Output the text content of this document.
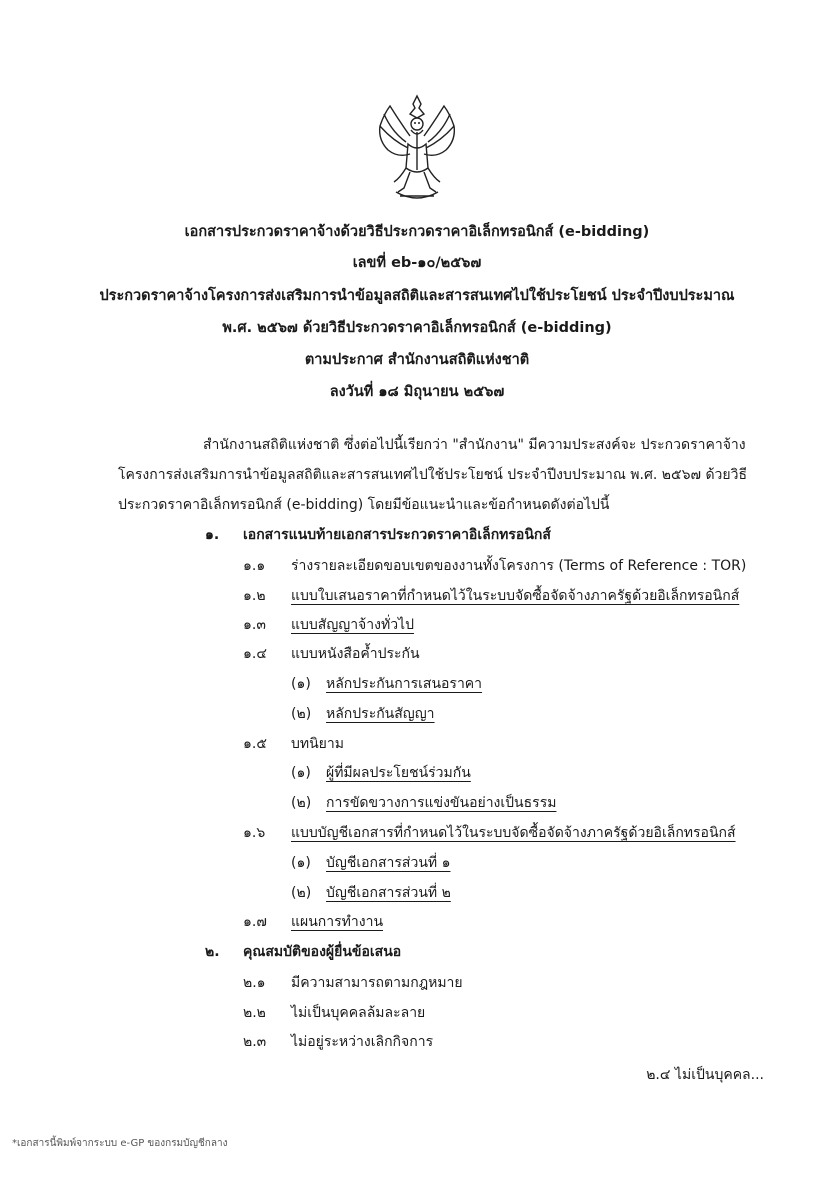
เอกสารประกวดราคาจ้างด้วยวิธีประกวดราคาอิเล็กทรอนิกส์ (e-bidding)
เลขที่ eb-๑๐/๒๕๖๗
ประกวดราคาจ้างโครงการส่งเสริมการนำข้อมูลสถิติและสารสนเทศไปใช้ประโยชน์ ประจำปีงบประมาณ
พ.ศ. ๒๕๖๗ ด้วยวิธีประกวดราคาอิเล็กทรอนิกส์ (e-bidding)
ตามประกาศ สำนักงานสถิติแห่งชาติ
ลงวันที่ ๑๘ มิถุนายน ๒๕๖๗
สำนักงานสถิติแห่งชาติ ซึ่งต่อไปนี้เรียกว่า "สำนักงาน" มีความประสงค์จะ ประกวดราคาจ้าง
โครงการส่งเสริมการนำข้อมูลสถิติและสารสนเทศไปใช้ประโยชน์ ประจำปีงบประมาณ พ.ศ. ๒๕๖๗ ด้วยวิธี
ประกวดราคาอิเล็กทรอนิกส์ (e-bidding) โดยมีข้อแนะนำและข้อกำหนดดังต่อไปนี้
๑. เอกสารแนบท้ายเอกสารประกวดราคาอิเล็กทรอนิกส์
๑.๑ ร่างรายละเอียดขอบเขตของงานทั้งโครงการ (Terms of Reference : TOR)
๑.๒ แบบใบเสนอราคาที่กำหนดไว้ในระบบจัดซื้อจัดจ้างภาครัฐด้วยอิเล็กทรอนิกส์
๑.๓ แบบสัญญาจ้างทั่วไป
๑.๔ แบบหนังสือค้ำประกัน
(๑) หลักประกันการเสนอราคา
(๒) หลักประกันสัญญา
๑.๕ บทนิยาม
(๑) ผู้ที่มีผลประโยชน์ร่วมกัน
(๒) การขัดขวางการแข่งขันอย่างเป็นธรรม
๑.๖ แบบบัญชีเอกสารที่กำหนดไว้ในระบบจัดซื้อจัดจ้างภาครัฐด้วยอิเล็กทรอนิกส์
(๑) บัญชีเอกสารส่วนที่ ๑
(๒) บัญชีเอกสารส่วนที่ ๒
๑.๗ แผนการทำงาน
๒. คุณสมบัติของผู้ยื่นข้อเสนอ
๒.๑ มีความสามารถตามกฎหมาย
๒.๒ ไม่เป็นบุคคลล้มละลาย
๒.๓ ไม่อยู่ระหว่างเลิกกิจการ
๒.๔ ไม่เป็นบุคคล...
*เอกสารนี้พิมพ์จากระบบ e-GP ของกรมบัญชีกลาง
